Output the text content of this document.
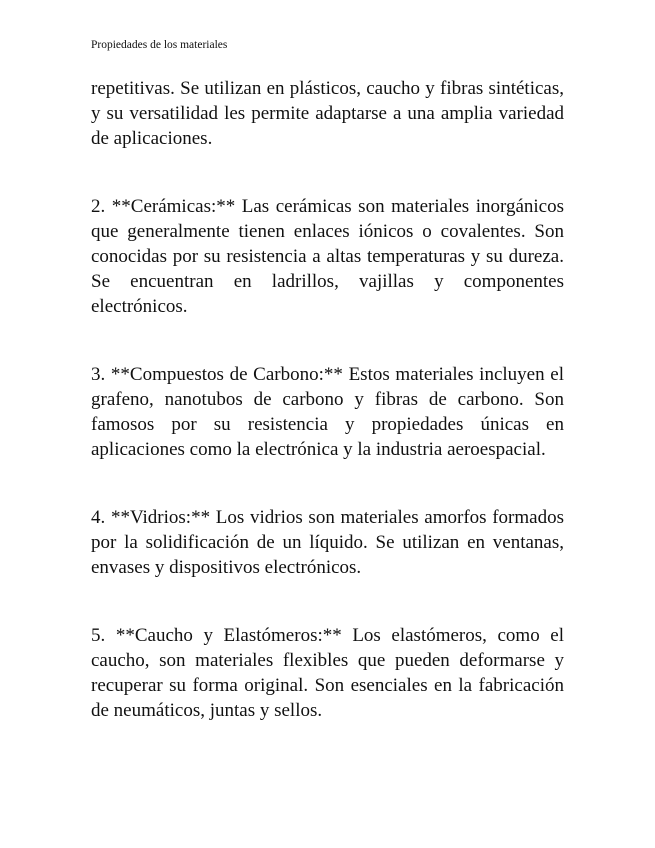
Propiedades de los materiales

repetitivas. Se utilizan en plásticos, caucho y fibras sintéticas, y su versatilidad les permite adaptarse a una amplia variedad de aplicaciones.

2. **Cerámicas:** Las cerámicas son materiales inorgánicos que generalmente tienen enlaces iónicos o covalentes. Son conocidas por su resistencia a altas temperaturas y su dureza. Se encuentran en ladrillos, vajillas y componentes electrónicos.

3. **Compuestos de Carbono:** Estos materiales incluyen el grafeno, nanotubos de carbono y fibras de carbono. Son famosos por su resistencia y propiedades únicas en aplicaciones como la electrónica y la industria aeroespacial.

4. **Vidrios:** Los vidrios son materiales amorfos formados por la solidificación de un líquido. Se utilizan en ventanas, envases y dispositivos electrónicos.

5. **Caucho y Elastómeros:** Los elastómeros, como el caucho, son materiales flexibles que pueden deformarse y recuperar su forma original. Son esenciales en la fabricación de neumáticos, juntas y sellos.
